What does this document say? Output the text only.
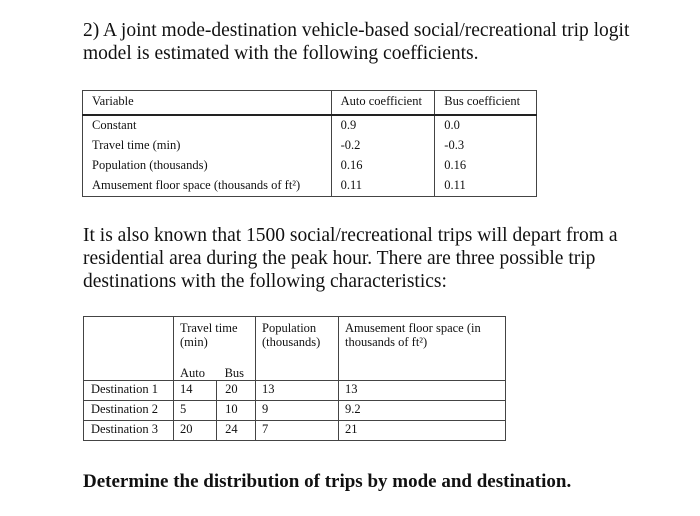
2) A joint mode-destination vehicle-based social/recreational trip logit model is estimated with the following coefficients.

Variable	Auto coefficient	Bus coefficient
Constant	0.9	0.0
Travel time (min)	-0.2	-0.3
Population (thousands)	0.16	0.16
Amusement floor space (thousands of ft²)	0.11	0.11

It is also known that 1500 social/recreational trips will depart from a residential area during the peak hour. There are three possible trip destinations with the following characteristics:

	Travel time (min)		Population (thousands)	Amusement floor space (in thousands of ft²)
	Auto	Bus		
Destination 1	14	20	13	13
Destination 2	5	10	9	9.2
Destination 3	20	24	7	21

Determine the distribution of trips by mode and destination.
